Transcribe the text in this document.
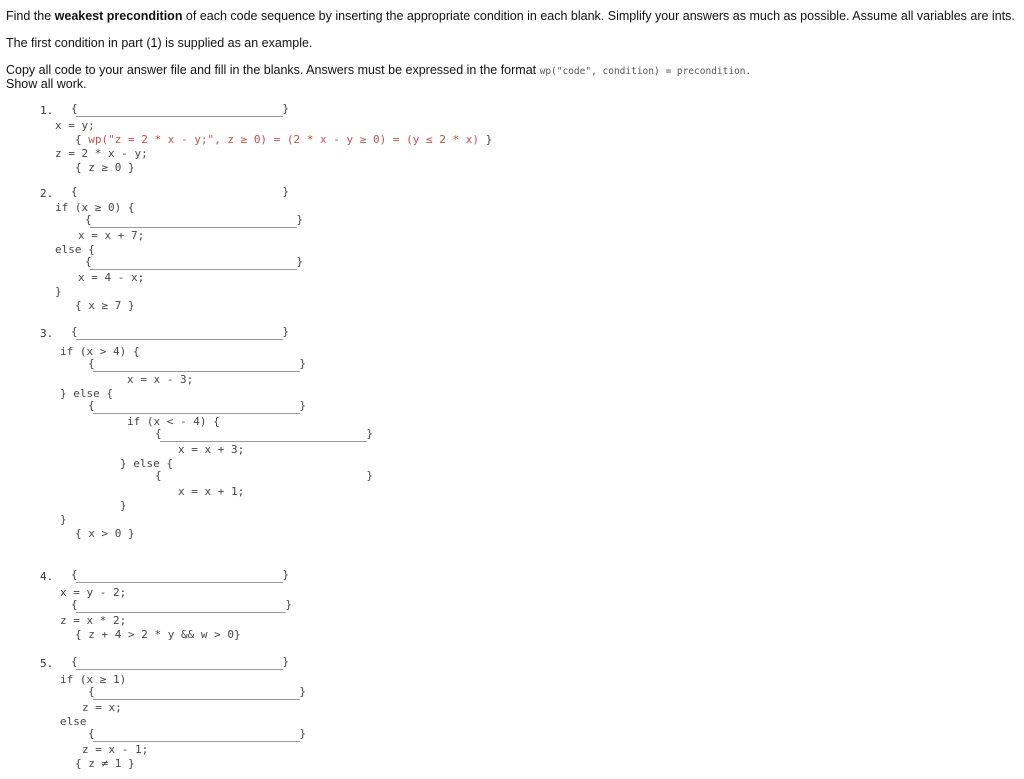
Find the weakest precondition of each code sequence by inserting the appropriate condition in each blank. Simplify your answers as much as possible. Assume all variables are ints.
The first condition in part (1) is supplied as an example.
Copy all code to your answer file and fill in the blanks. Answers must be expressed in the format wp("code", condition) = precondition.
Show all work.
1. {	}
x = y;
{ wp("z = 2 * x - y;", z ≥ 0) = (2 * x - y ≥ 0) = (y ≤ 2 * x) }
z = 2 * x - y;
{ z ≥ 0 }
2. {	}
if (x ≥ 0) {
{	}
x = x + 7;
else {
{	}
x = 4 - x;
}
{ x ≥ 7 }
3. {	}
if (x > 4) {
{	}
x = x - 3;
} else {
{	}
if (x < - 4) {
{	}
x = x + 3;
} else {
{	}
x = x + 1;
}
}
{ x > 0 }
4. {	}
x = y - 2;
{	}
z = x * 2;
{ z + 4 > 2 * y && w > 0}
5. {	}
if (x ≥ 1)
{	}
z = x;
else
{	}
z = x - 1;
{ z ≠ 1 }
